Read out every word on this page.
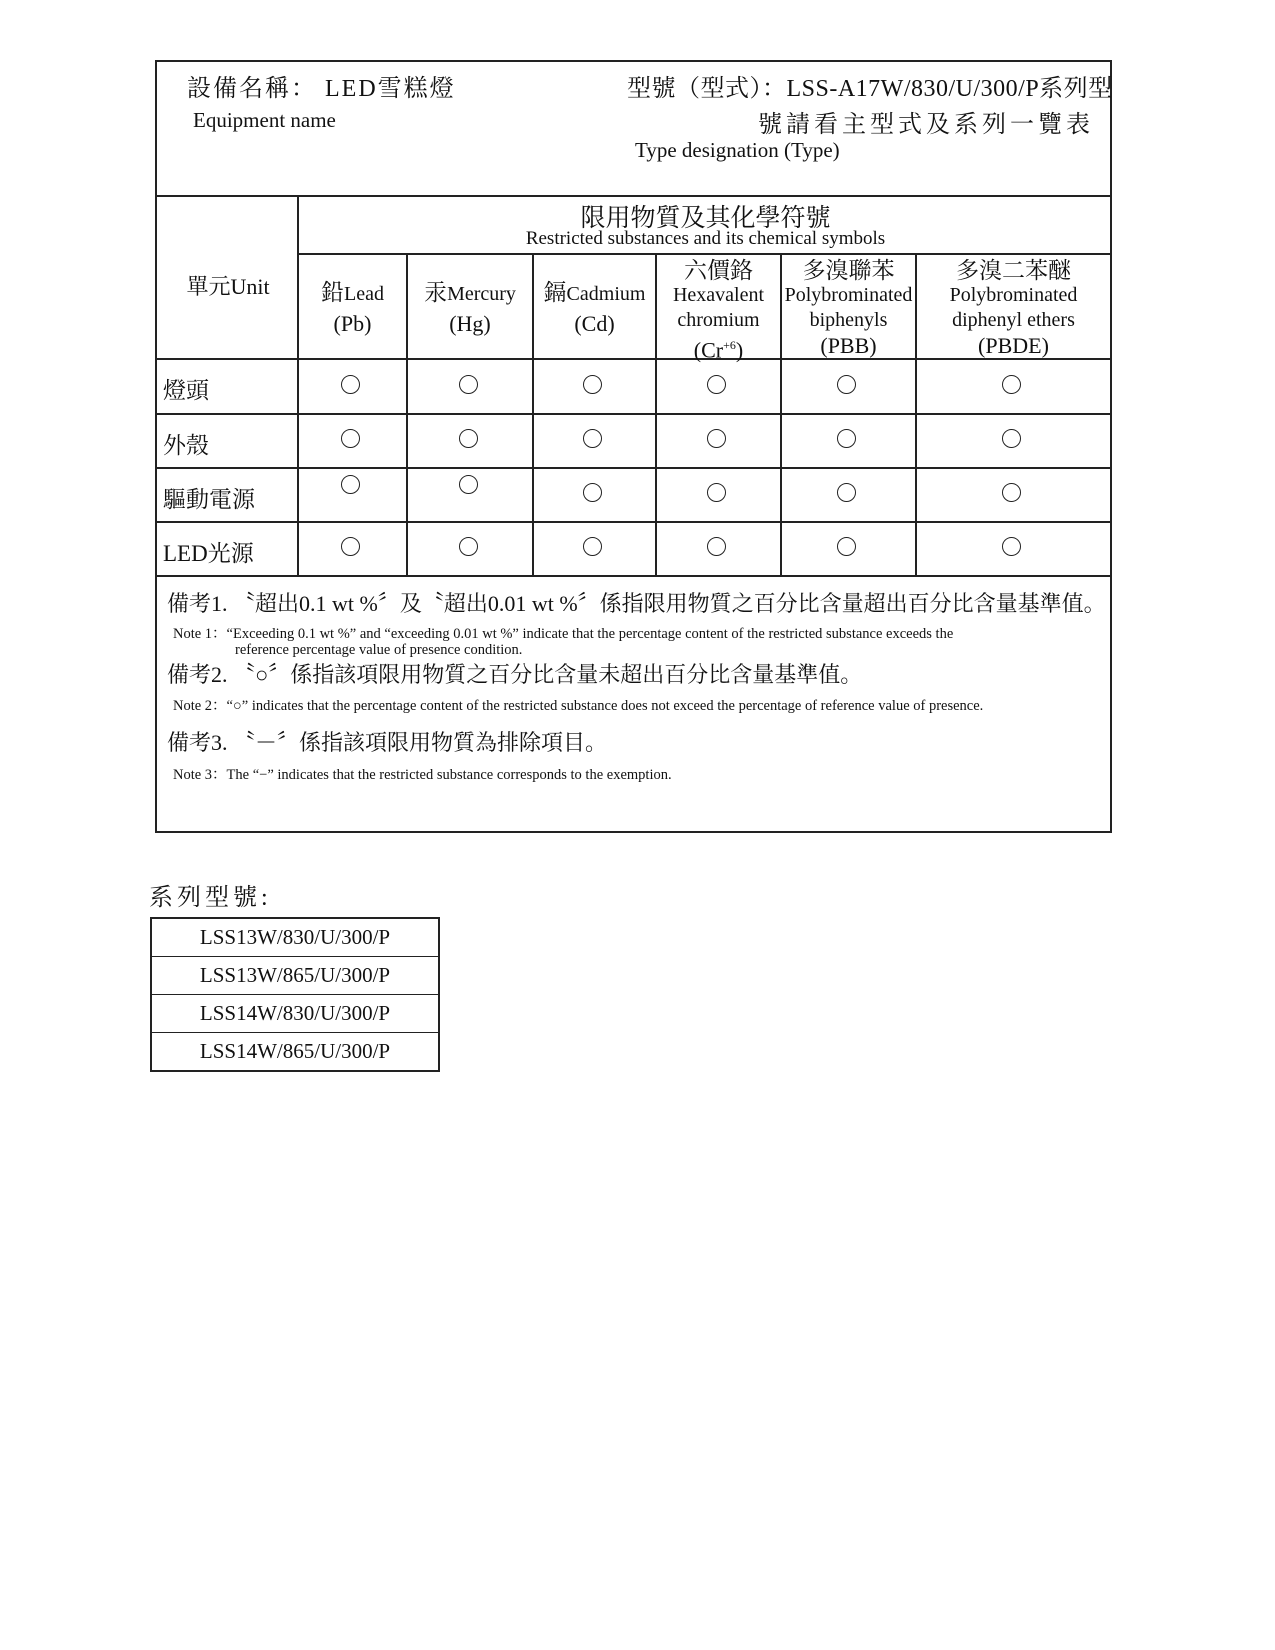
設備名稱： LED雪糕燈
Equipment name
型號（型式）：LSS-A17W/830/U/300/P系列型
號請看主型式及系列一覽表
Type designation (Type)
限用物質及其化學符號
Restricted substances and its chemical symbols
單元Unit	鉛Lead
(Pb)
汞Mercury
(Hg)
鎘Cadmium
(Cd)
六價鉻
Hexavalent
chromium
$(Cr^{+6})$
多溴聯苯
Polybrominated
biphenyls
(PBB)
多溴二苯醚
Polybrominated
diphenyl ethers
(PBDE)
燈頭
外殼
驅動電源
LED光源
備考1. 〝超出0.1 wt %〞及〝超出0.01 wt %〞係指限用物質之百分比含量超出百分比含量基準值。
Note 1：“Exceeding 0.1 wt %” and “exceeding 0.01 wt %” indicate that the percentage content of the restricted substance exceeds the
reference percentage value of presence condition.
備考2. 〝○〞係指該項限用物質之百分比含量未超出百分比含量基準值。
Note 2：“○” indicates that the percentage content of the restricted substance does not exceed the percentage of reference value of presence.
備考3. 〝－〞係指該項限用物質為排除項目。
Note 3：The “−” indicates that the restricted substance corresponds to the exemption.
系列型號:
LSS13W/830/U/300/P
LSS13W/865/U/300/P
LSS14W/830/U/300/P
LSS14W/865/U/300/P
